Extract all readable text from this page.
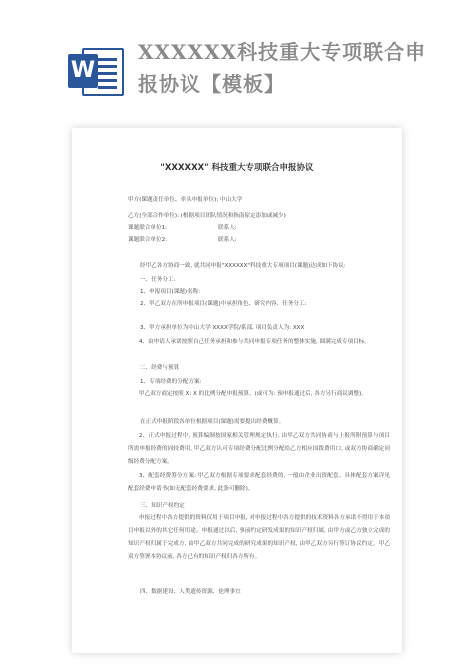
W
XXXXXX科技重大专项联合申报协议【模板】
"XXXXXX" 科技重大专项联合申报协议
甲方(课题责任单位、牵头申报单位): 中山大学
乙方(全部合作单位): (根据项目团队情况和指南原定添加或减少)
课题联合单位1:	联系人:
课题联合单位2:	联系人:
经甲乙各方协商一致, 就共同申报"XXXXXX"科技重大专项项目(课题)达成如下协议:
一、任务分工:
1、申报项目(课题)名称:
2、甲乙双方在所申报项目(课题)中承担角色、研究内容、任务分工:
3、甲方承担单位为中山大学 XXXX学院/系部, 项目负责人为: XXX
4、由申请人承诺按照自己任务承担和参与共同申报专项任务的整体实施, 圆满完成专项目标。
二、经费与预算
1、专项经费的分配方案:
甲乙双方商定按照 X: X 的比例分配申报预算。(或可为: 预申报通过后, 各方另行商议调整)。
在正式申报阶段各单位根据项目(课题)需要提出经费概算。
2、正式申报过程中, 预算编制按国家相关管理规定执行, 由甲乙双方共同协商与上报所附预算与项目所需申报经费的同较费用, 甲乙双方认可专项经费分配比例分配给乙方相应国拨费用口, 或双方协商确定同级经费分配方案。
3、配套经费筹分方案: 甲乙双方根据专项要求配套经费的, 一般由企业出资配套。具体配套方案详见配套经费申请书(如无配套经费要求, 此条可删除)。
三、知识产权约定
申报过程中各方提供的资料仅用于项目申报, 对申报过程中各方提供的技术资料各方承诺不得用于本项目申报以外的其它任何用途。申报通过以后, 事前约定研发成果的知识产权归属, 由甲方或乙方独立完成的知识产权归属于完成方, 由甲乙双方共同完成的研究成果的知识产权, 由甲乙双方另行签订协议约定。甲乙双方签署本协议前, 各方已有的知识产权归各方所有。
四、数据建设、人类遗传资源、伦理事宜
